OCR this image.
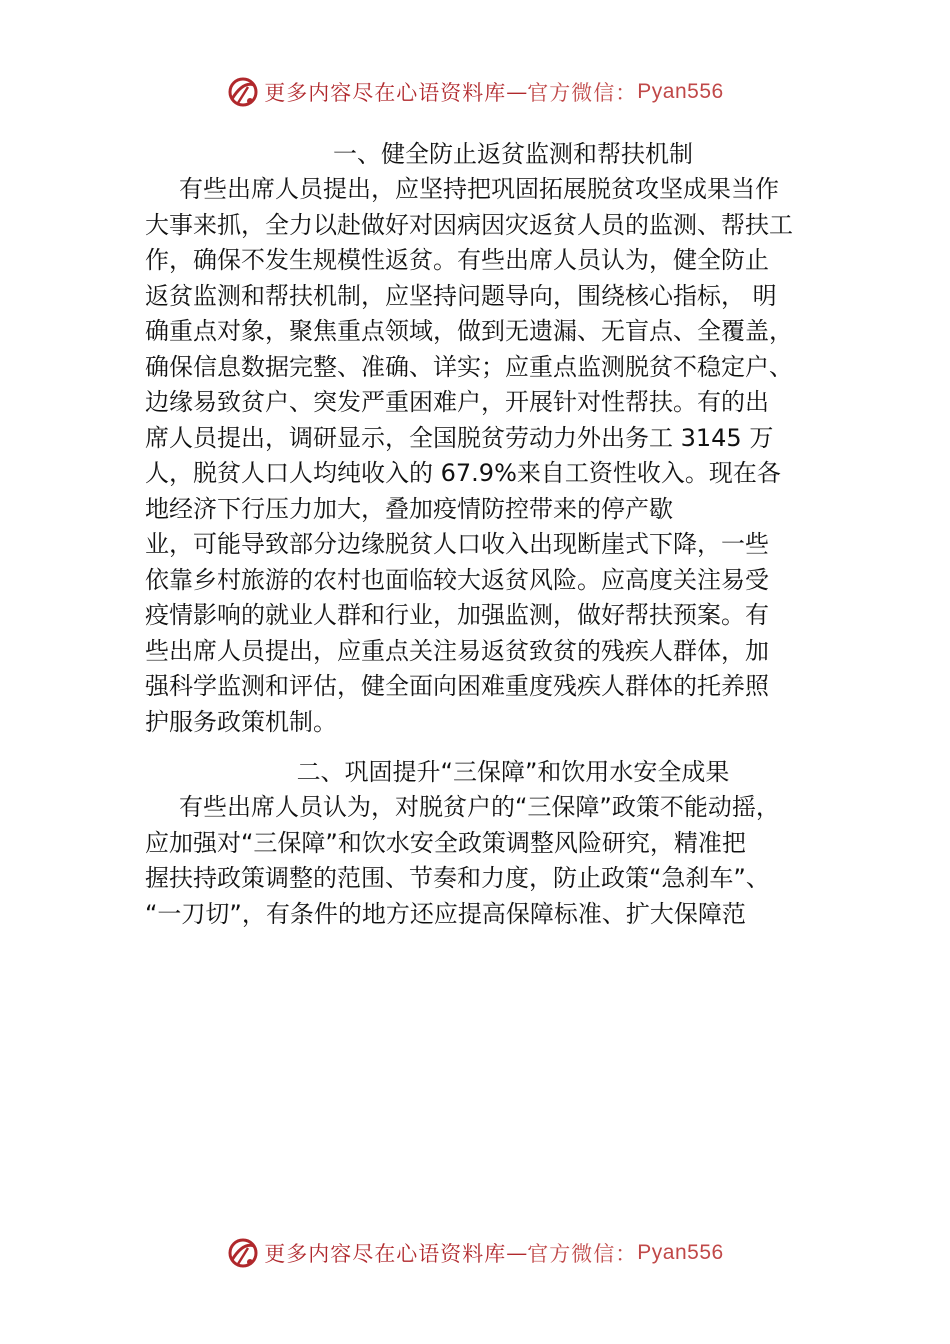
更多内容尽在心语资料库 — 官方微信： Pyan556

一、健全防止返贫监测和帮扶机制

有些出席人员提出，应坚持把巩固拓展脱贫攻坚成果当作

大事来抓，全力以赴做好对因病因灾返贫人员的监测、帮扶工

作，确保不发生规模性返贫。有些出席人员认为，健全防止

返贫监测和帮扶机制，应坚持问题导向，围绕核心指标， 明

确重点对象，聚焦重点领域，做到无遗漏、无盲点、全覆盖，

确保信息数据完整、准确、详实；应重点监测脱贫不稳定户、

边缘易致贫户、突发严重困难户，开展针对性帮扶。有的出

席人员提出，调研显示，全国脱贫劳动力外出务工 3145 万

人，脱贫人口人均纯收入的 67.9%来自工资性收入。现在各

地经济下行压力加大，叠加疫情防控带来的停产歇

业，可能导致部分边缘脱贫人口收入出现断崖式下降，一些

依靠乡村旅游的农村也面临较大返贫风险。应高度关注易受

疫情影响的就业人群和行业，加强监测，做好帮扶预案。有

些出席人员提出，应重点关注易返贫致贫的残疾人群体，加

强科学监测和评估，健全面向困难重度残疾人群体的托养照

护服务政策机制。

二、巩固提升“三保障”和饮用水安全成果

有些出席人员认为，对脱贫户的“三保障”政策不能动摇，

应加强对“三保障”和饮水安全政策调整风险研究，精准把

握扶持政策调整的范围、节奏和力度，防止政策“急刹车”、

“一刀切”，有条件的地方还应提高保障标准、扩大保障范

更多内容尽在心语资料库 — 官方微信： Pyan556
